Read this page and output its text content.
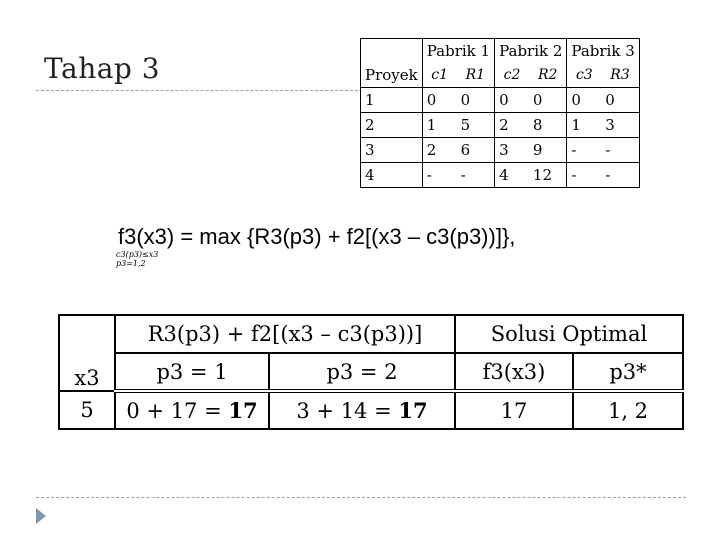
Tahap 3
	Pabrik 1		Pabrik 2		Pabrik 3	
Proyek	c1	R1	c2	R2	c3	R3
1	0	0	0	0	0	0
2	1	5	2	8	1	3
3	2	6	3	9	-	-
4	-	-	4	12	-	-
f3(x3) = max
c3(p3)≤x3
p3=1,2
{R3(p3) + f2[(x3 – c3(p3))]},
x3	R3(p3) + f2[(x3 – c3(p3))]		Solusi Optimal	
	p3 = 1	p3 = 2	f3(x3)	p3*
5	0 + 17 = 17	3 + 14 = 17	17	1, 2
